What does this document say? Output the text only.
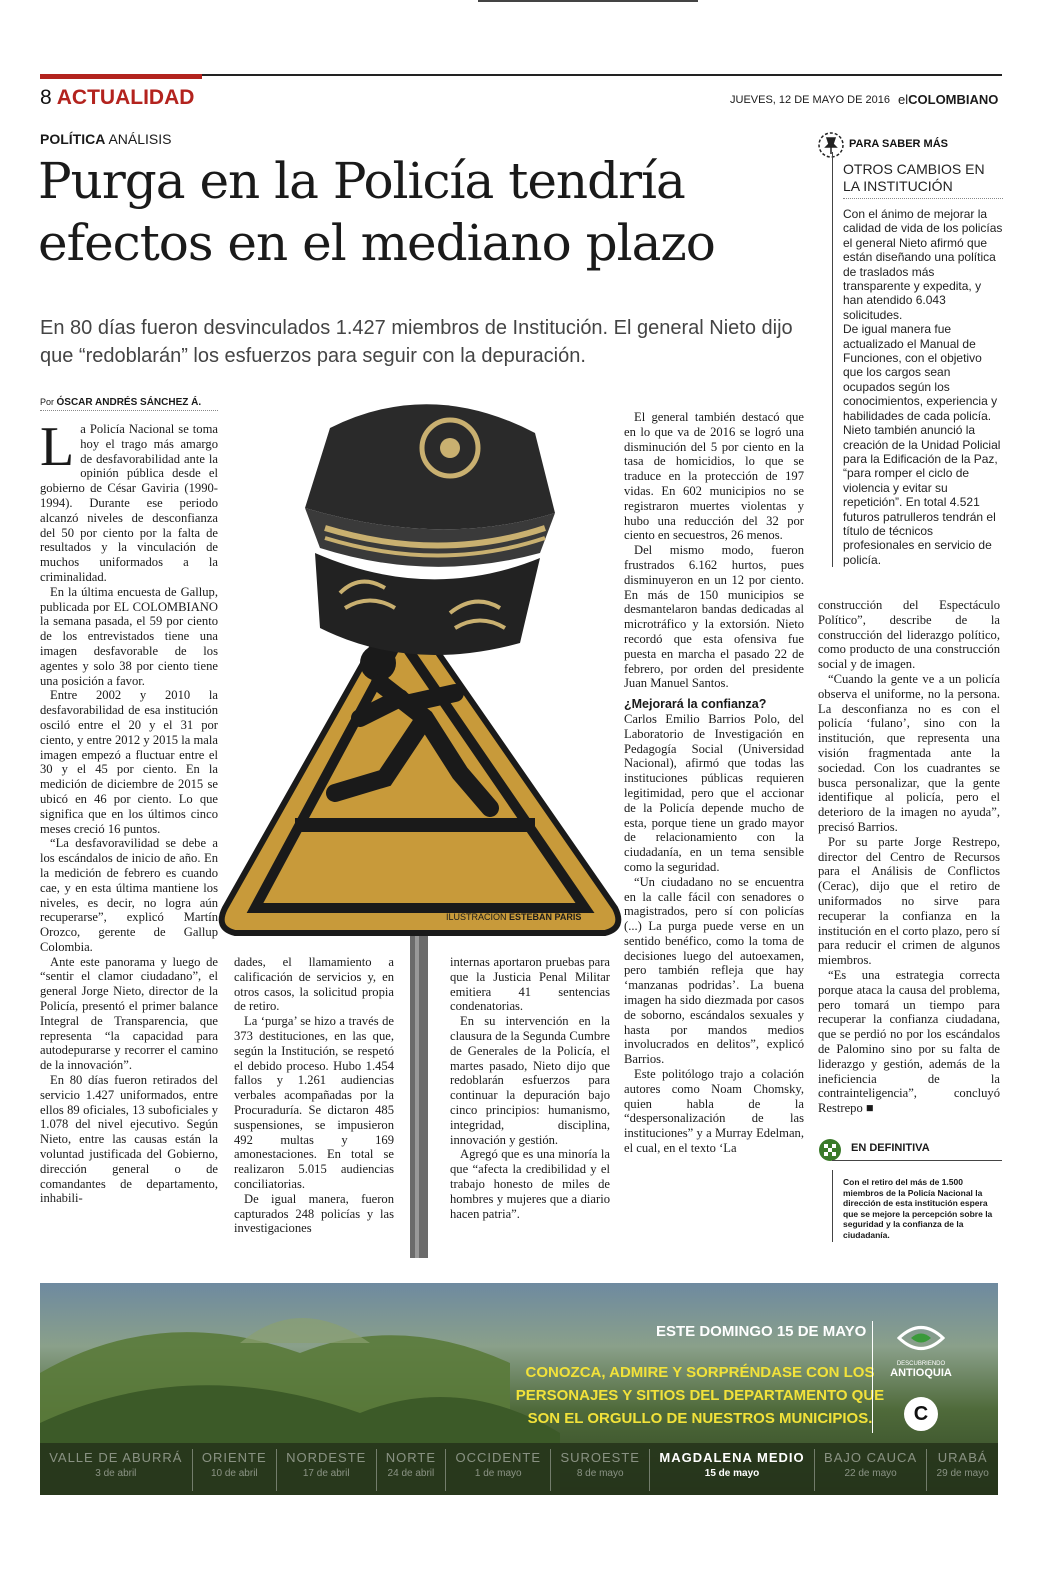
8 ACTUALIDAD	JUEVES, 12 DE MAYO DE 2016 elCOLOMBIANO
POLÍTICA ANÁLISIS
Purga en la Policía tendría efectos en el mediano plazo

En 80 días fueron desvinculados 1.427 miembros de Institución. El general Nieto dijo que “redoblarán” los esfuerzos para seguir con la depuración.

Por ÓSCAR ANDRÉS SÁNCHEZ Á.
ILUSTRACIÓN ESTEBAN PARÍS
L a Policía Nacional se toma hoy el trago más amargo de desfavorabilidad ante la opinión pública desde el gobierno de César Gaviria (1990-1994). Durante ese periodo alcanzó niveles de desconfianza del 50 por ciento por la falta de resultados y la vinculación de muchos uniformados a la criminalidad.

En la última encuesta de Gallup, publicada por EL COLOMBIANO la semana pasada, el 59 por ciento de los entrevistados tiene una imagen desfavorable de los agentes y solo 38 por ciento tiene una posición a favor.

Entre 2002 y 2010 la desfavorabilidad de esa institución osciló entre el 20 y el 31 por ciento, y entre 2012 y 2015 la mala imagen empezó a fluctuar entre el 30 y el 45 por ciento. En la medición de diciembre de 2015 se ubicó en 46 por ciento. Lo que significa que en los últimos cinco meses creció 16 puntos.

“La desfavoravilidad se debe a los escándalos de inicio de año. En la medición de febrero es cuando cae, y en esta última mantiene los niveles, es decir, no logra aún recuperarse”, explicó Martín Orozco, gerente de Gallup Colombia.

Ante este panorama y luego de “sentir el clamor ciudadano”, el general Jorge Nieto, director de la Policía, presentó el primer balance Integral de Transparencia, que representa “la capacidad para autodepurarse y recorrer el camino de la innovación”.

En 80 días fueron retirados del servicio 1.427 uniformados, entre ellos 89 oficiales, 13 suboficiales y 1.078 del nivel ejecutivo. Según Nieto, entre las causas están la voluntad justificada del Gobierno, dirección general o de comandantes de departamento, inhabili-

dades, el llamamiento a calificación de servicios y, en otros casos, la solicitud propia de retiro.

La ‘purga’ se hizo a través de 373 destituciones, en las que, según la Institución, se respetó el debido proceso. Hubo 1.454 fallos y 1.261 audiencias verbales acompañadas por la Procuraduría. Se dictaron 485 suspensiones, se impusieron 492 multas y 169 amonestaciones. En total se realizaron 5.015 audiencias conciliatorias.

De igual manera, fueron capturados 248 policías y las investigaciones

internas aportaron pruebas para que la Justicia Penal Militar emitiera 41 sentencias condenatorias.

En su intervención en la clausura de la Segunda Cumbre de Generales de la Policía, el martes pasado, Nieto dijo que redoblarán esfuerzos para continuar la depuración bajo cinco principios: humanismo, integridad, disciplina, innovación y gestión.

Agregó que es una minoría la que “afecta la credibilidad y el trabajo honesto de miles de hombres y mujeres que a diario hacen patria”.

El general también destacó que en lo que va de 2016 se logró una disminución del 5 por ciento en la tasa de homicidios, lo que se traduce en la protección de 197 vidas. En 602 municipios no se registraron muertes violentas y hubo una reducción del 32 por ciento en secuestros, 26 menos.

Del mismo modo, fueron frustrados 6.162 hurtos, pues disminuyeron en un 12 por ciento. En más de 150 municipios se desmantelaron bandas dedicadas al microtráfico y la extorsión. Nieto recordó que esta ofensiva fue puesta en marcha el pasado 22 de febrero, por orden del presidente Juan Manuel Santos.

¿Mejorará la confianza?

Carlos Emilio Barrios Polo, del Laboratorio de Investigación en Pedagogía Social (Universidad Nacional), afirmó que todas las instituciones públicas requieren legitimidad, pero que el accionar de la Policía depende mucho de esta, porque tiene un grado mayor de relacionamiento con la ciudadanía, en un tema sensible como la seguridad.

“Un ciudadano no se encuentra en la calle fácil con senadores o magistrados, pero sí con policías (...) La purga puede verse en un sentido benéfico, como la toma de decisiones luego del autoexamen, pero también refleja que hay ‘manzanas podridas’. La buena imagen ha sido diezmada por casos de soborno, escándalos sexuales y hasta por mandos medios involucrados en delitos”, explicó Barrios.

Este politólogo trajo a colación autores como Noam Chomsky, quien habla de la “despersonalización de las instituciones” y a Murray Edelman, el cual, en el texto ‘La

construcción del Espectáculo Político”, describe de la construcción del liderazgo político, como producto de una construcción social y de imagen.

“Cuando la gente ve a un policía observa el uniforme, no la persona. La desconfianza no es con el policía ‘fulano’, sino con la institución, que representa una visión fragmentada ante la sociedad. Con los cuadrantes se busca personalizar, que la gente identifique al policía, pero el deterioro de la imagen no ayuda”, precisó Barrios.

Por su parte Jorge Restrepo, director del Centro de Recursos para el Análisis de Conflictos (Cerac), dijo que el retiro de uniformados no sirve para recuperar la confianza en la institución en el corto plazo, pero sí para reducir el crimen de algunos miembros.

“Es una estrategia correcta porque ataca la causa del problema, pero tomará un tiempo para recuperar la confianza ciudadana, que se perdió no por los escándalos de Palomino sino por su falta de liderazgo y gestión, además de la ineficiencia de la contrainteligencia”, concluyó Restrepo ■

PARA SABER MÁS
OTROS CAMBIOS EN LA INSTITUCIÓN

Con el ánimo de mejorar la calidad de vida de los policías el general Nieto afirmó que están diseñando una política de traslados más transparente y expedita, y han atendido 6.043 solicitudes.

De igual manera fue actualizado el Manual de Funciones, con el objetivo que los cargos sean ocupados según los conocimientos, experiencia y habilidades de cada policía. Nieto también anunció la creación de la Unidad Policial para la Edificación de la Paz, “para romper el ciclo de violencia y evitar su repetición”. En total 4.521 futuros patrulleros tendrán el título de técnicos profesionales en servicio de policía.

EN DEFINITIVA

Con el retiro del más de 1.500 miembros de la Policía Nacional la dirección de esta institución espera que se mejore la percepción sobre la seguridad y la confianza de la ciudadanía.

ESTE DOMINGO 15 DE MAYO
CONOZCA, ADMIRE Y SORPRÉNDASE CON LOS PERSONAJES Y SITIOS DEL DEPARTAMENTO QUE SON EL ORGULLO DE NUESTROS MUNICIPIOS.
DESCUBRIENDO
ANTIOQUIA
C
VALLE DE ABURRÁ
3 de abril
ORIENTE
10 de abril
NORDESTE
17 de abril
NORTE
24 de abril
OCCIDENTE
1 de mayo
SUROESTE
8 de mayo
MAGDALENA MEDIO
15 de mayo
BAJO CAUCA
22 de mayo
URABÁ
29 de mayo
